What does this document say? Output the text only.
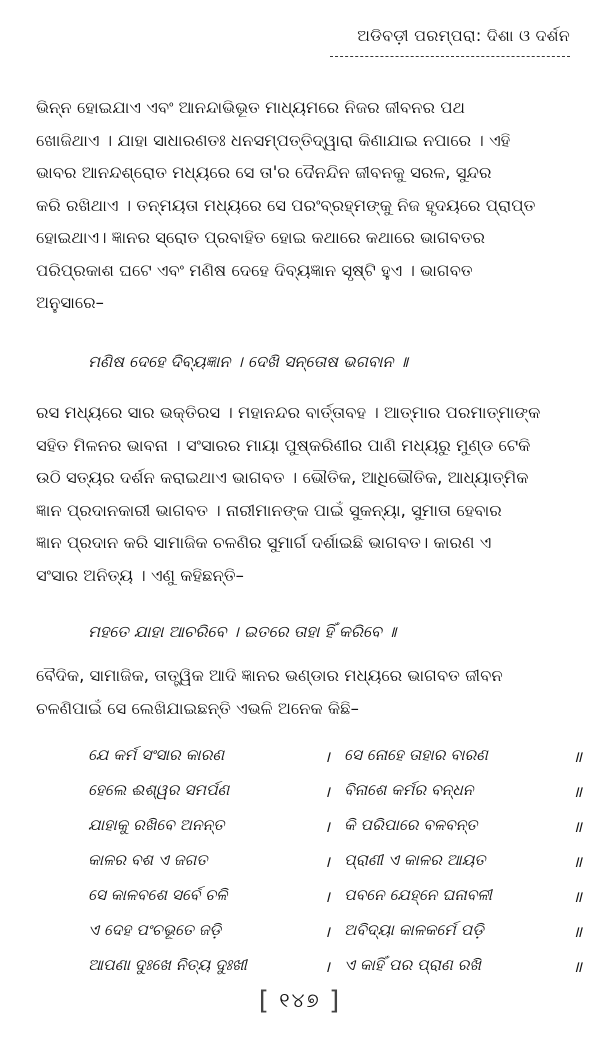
ଅଡିବଡ଼ୀ ପରମ୍ପରା: ଦିଶା ଓ ଦର୍ଶନ
ଭିନ୍ନ ହୋଇଯାଏ ଏବଂ ଆନନ୍ଦାଭିଭୂତ ମାଧ୍ୟମରେ ନିଜର ଜୀବନର ପଥ
ଖୋଜିଥାଏ । ଯାହା ସାଧାରଣତଃ ଧନସମ୍ପତ୍ତିଦ୍ୱାରା କିଣାଯାଇ ନପାରେ । ଏହି
ଭାବର ଆନନ୍ଦଶ୍ରୋତ ମଧ୍ୟରେ ସେ ତା'ର ଦୈନନ୍ଦିନ ଜୀବନକୁ ସରଳ, ସୁନ୍ଦର
କରି ରଖିଥାଏ । ତନ୍ମୟତା ମଧ୍ୟରେ ସେ ପରଂବ୍ରହ୍ମଙ୍କୁ ନିଜ ହୃଦୟରେ ପ୍ରାପ୍ତ
ହୋଇଥାଏ। ଜ୍ଞାନର ସ୍ରୋତ ପ୍ରବାହିତ ହୋଇ କଥାରେ କଥାରେ ଭାଗବତର
ପରିପ୍ରକାଶ ଘଟେ ଏବଂ ମଣିଷ ଦେହେ ଦିବ୍ୟଜ୍ଞାନ ସୃଷ୍ଟି ହୁଏ । ଭାଗବତ
ଅନୁସାରେ–
ମଣିଷ ଦେହେ ଦିବ୍ୟଜ୍ଞାନ । ଦେଖି ସନ୍ତୋଷ ଭଗବାନ ॥
ରସ ମଧ୍ୟରେ ସାର ଭକ୍ତିରସ । ମହାନନ୍ଦର ବାର୍ତ୍ତାବହ । ଆତ୍ମାର ପରମାତ୍ମାଙ୍କ
ସହିତ ମିଳନର ଭାବନା । ସଂସାରର ମାୟା ପୁଷ୍କରିଣୀର ପାଣି ମଧ୍ୟରୁ ମୁଣ୍ଡ ଟେକି
ଉଠି ସତ୍ୟର ଦର୍ଶନ କରାଇଥାଏ ଭାଗବତ । ଭୌତିକ, ଆଧିଭୌତିକ, ଆଧ୍ୟାତ୍ମିକ
ଜ୍ଞାନ ପ୍ରଦାନକାରୀ ଭାଗବତ । ନାରୀମାନଙ୍କ ପାଇଁ ସୁକନ୍ୟା, ସୁମାତା ହେବାର
ଜ୍ଞାନ ପ୍ରଦାନ କରି ସାମାଜିକ ଚଳଣିର ସୁମାର୍ଗ ଦର୍ଶାଇଛି ଭାଗବତ। କାରଣ ଏ
ସଂସାର ଅନିତ୍ୟ । ଏଣୁ କହିଛନ୍ତି–
ମହତେ ଯାହା ଆଚରିବେ । ଇତରେ ତାହା ହିଁ କରିବେ ॥
ବୈଦିକ, ସାମାଜିକ, ତାତ୍ତ୍ୱିକ ଆଦି ଜ୍ଞାନର ଭଣ୍ଡାର ମଧ୍ୟରେ ଭାଗବତ ଜୀବନ
ଚଳଣିପାଇଁ ସେ ଲେଖିଯାଇଛନ୍ତି ଏଭଳି ଅନେକ କିଛି–
ଯେ କର୍ମ ସଂସାର କାରଣ	।	ସେ ନୋହେ ତାହାର ବାରଣ	॥
ହେଲେ ଈଶ୍ୱର ସମର୍ପଣ	।	ବିନାଶେ କର୍ମର ବନ୍ଧନ	॥
ଯାହାକୁ ରଖିବେ ଅନନ୍ତ	।	କି ପରିପାରେ ବଳବନ୍ତ	॥
କାଳର ବଶ ଏ ଜଗତ	।	ପ୍ରାଣୀ ଏ କାଳର ଆୟତ	॥
ସେ କାଳବଶେ ସର୍ବେ ଚଳି	।	ପବନେ ଯେହ୍ନେ ଘନାବଳୀ	॥
ଏ ଦେହ ପଂଚଭୂତେ ଜଡ଼ି	।	ଅବିଦ୍ୟା କାଳକର୍ମେ ପଡ଼ି	॥
ଆପଣା ଦୁଃଖେ ନିତ୍ୟ ଦୁଃଖୀ	।	ଏ କାହିଁ ପର ପ୍ରାଣ ରଖି	॥
[ ୧୪୭ ]
